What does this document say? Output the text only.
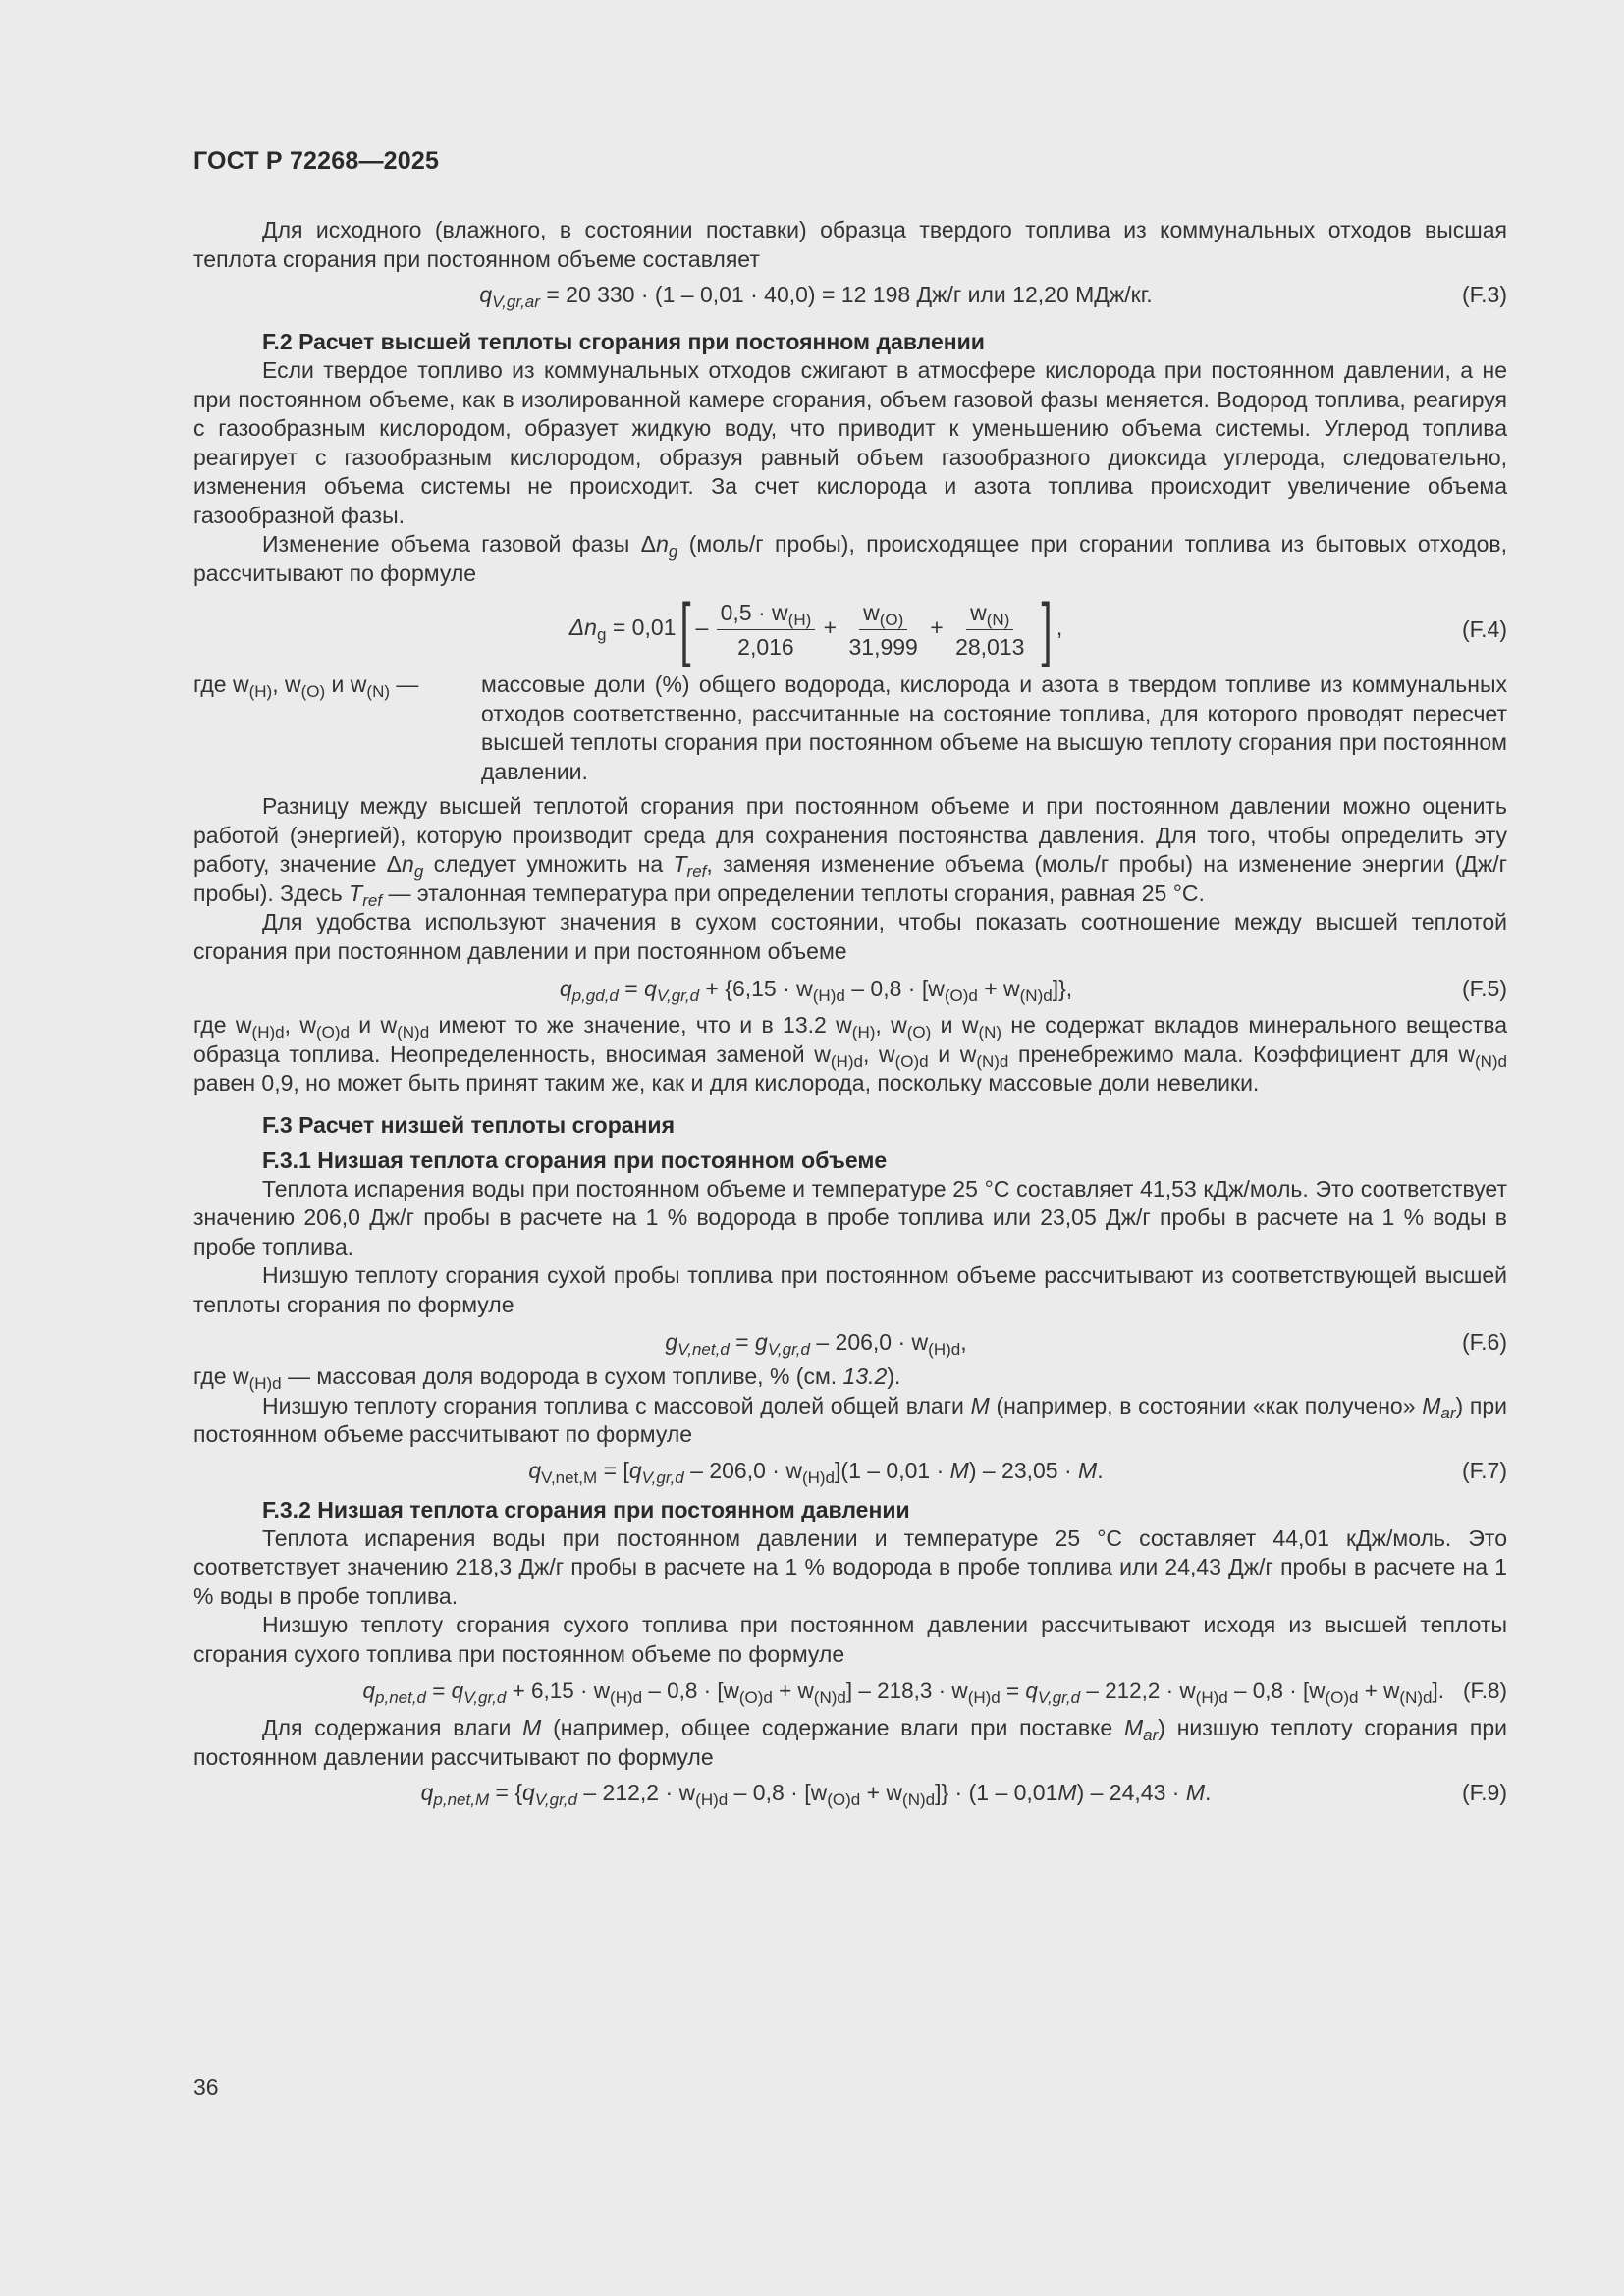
ГОСТ Р 72268—2025

Для исходного (влажного, в состоянии поставки) образца твердого топлива из коммунальных отходов высшая теплота сгорания при постоянном объеме составляет

$q_{V,gr,ar} = 20$ 330 · (1 – 0,01 · 40,0) = 12 198 Дж/г или 12,20 МДж/кг.	(F.3)
F.2 Расчет высшей теплоты сгорания при постоянном давлении

Если твердое топливо из коммунальных отходов сжигают в атмосфере кислорода при постоянном давлении, а не при постоянном объеме, как в изолированной камере сгорания, объем газовой фазы меняется. Водород топлива, реагируя с газообразным кислородом, образует жидкую воду, что приводит к уменьшению объема системы. Углерод топлива реагирует с газообразным кислородом, образуя равный объем газообразного диоксида углерода, следовательно, изменения объема системы не происходит. За счет кислорода и азота топлива происходит увеличение объема газообразной фазы.

Изменение объема газовой фазы $\Delta n_g$ (моль/г пробы), происходящее при сгорании топлива из бытовых отходов, рассчитывают по формуле

$\Delta n_g = 0,01[ - \frac{0,5 \cdot w_{(H)}}{2,016} + \frac{w_{(O)}}{31,999} + \frac{w_{(N)}}{28,013}$ ] ,	(F.4)
где $w_{(H)}$, $w_{(O)}$ и $w_{(N)}$ —	массовые доли (%) общего водорода, кислорода и азота в твердом топливе из коммунальных отходов соответственно, рассчитанные на состояние топлива, для которого проводят пересчет высшей теплоты сгорания при постоянном объеме на высшую теплоту сгорания при постоянном давлении.

Разницу между высшей теплотой сгорания при постоянном объеме и при постоянном давлении можно оценить работой (энергией), которую производит среда для сохранения постоянства давления. Для того, чтобы определить эту работу, значение $\Delta n_g$ следует умножить на $T_{ref}$, заменяя изменение объема (моль/г пробы) на изменение энергии (Дж/г пробы). Здесь $T_{ref}$ — эталонная температура при определении теплоты сгорания, равная 25 °С.

Для удобства используют значения в сухом состоянии, чтобы показать соотношение между высшей теплотой сгорания при постоянном давлении и при постоянном объеме

$q_{p,gd,d} = q_{V,gr,d} + \{6,15 \cdot w_{(H)d} - 0,8 \cdot [w_{(O)d} + w_{(N)d}]\}$,	(F.5)

где $w_{(H)d}$, $w_{(O)d}$ и $w_{(N)d}$ имеют то же значение, что и в 13.2 $w_{(H)}$, $w_{(O)}$ и $w_{(N)}$ не содержат вкладов минерального вещества образца топлива. Неопределенность, вносимая заменой $w_{(H)d}$, $w_{(O)d}$ и $w_{(N)d}$ пренебрежимо мала. Коэффициент для $w_{(N)d}$ равен 0,9, но может быть принят таким же, как и для кислорода, поскольку массовые доли невелики.

F.3 Расчет низшей теплоты сгорания
F.3.1 Низшая теплота сгорания при постоянном объеме

Теплота испарения воды при постоянном объеме и температуре 25 °С составляет 41,53 кДж/моль. Это соответствует значению 206,0 Дж/г пробы в расчете на 1 % водорода в пробе топлива или 23,05 Дж/г пробы в расчете на 1 % воды в пробе топлива.

Низшую теплоту сгорания сухой пробы топлива при постоянном объеме рассчитывают из соответствующей высшей теплоты сгорания по формуле

$g_{V,net,d} = g_{V,gr,d} - 206,0 \cdot w_{(H)d}$,	(F.6)

где $w_{(H)d}$ — массовая доля водорода в сухом топливе, % (см. 13.2).

Низшую теплоту сгорания топлива с массовой долей общей влаги M (например, в состоянии «как получено» $M_{ar}$) при постоянном объеме рассчитывают по формуле

$q_{V,net,M} = [q_{V,gr,d} - 206,0 \cdot w_{(H)d}](1 - 0,01 \cdot M) - 23,05 \cdot M$.	(F.7)
F.3.2 Низшая теплота сгорания при постоянном давлении

Теплота испарения воды при постоянном давлении и температуре 25 °С составляет 44,01 кДж/моль. Это соответствует значению 218,3 Дж/г пробы в расчете на 1 % водорода в пробе топлива или 24,43 Дж/г пробы в расчете на 1 % воды в пробе топлива.

Низшую теплоту сгорания сухого топлива при постоянном давлении рассчитывают исходя из высшей теплоты сгорания сухого топлива при постоянном объеме по формуле

$q_{p,net,d} = q_{V,gr,d} + 6,15 \cdot w_{(H)d} - 0,8 \cdot [w_{(O)d} + w_{(N)d}] - 218,3 \cdot w_{(H)d} = q_{V,gr,d} - 212,2 \cdot w_{(H)d} - 0,8 \cdot [w_{(O)d} + w_{(N)d}]$. (F.8)

Для содержания влаги M (например, общее содержание влаги при поставке $M_{ar}$) низшую теплоту сгорания при постоянном давлении рассчитывают по формуле

$q_{p,net,M} = \{q_{V,gr,d} - 212,2 \cdot w_{(H)d} - 0,8 \cdot [w_{(O)d} + w_{(N)d}]\} \cdot (1 - 0,01M) - 24,43 \cdot M$.	(F.9)
36
